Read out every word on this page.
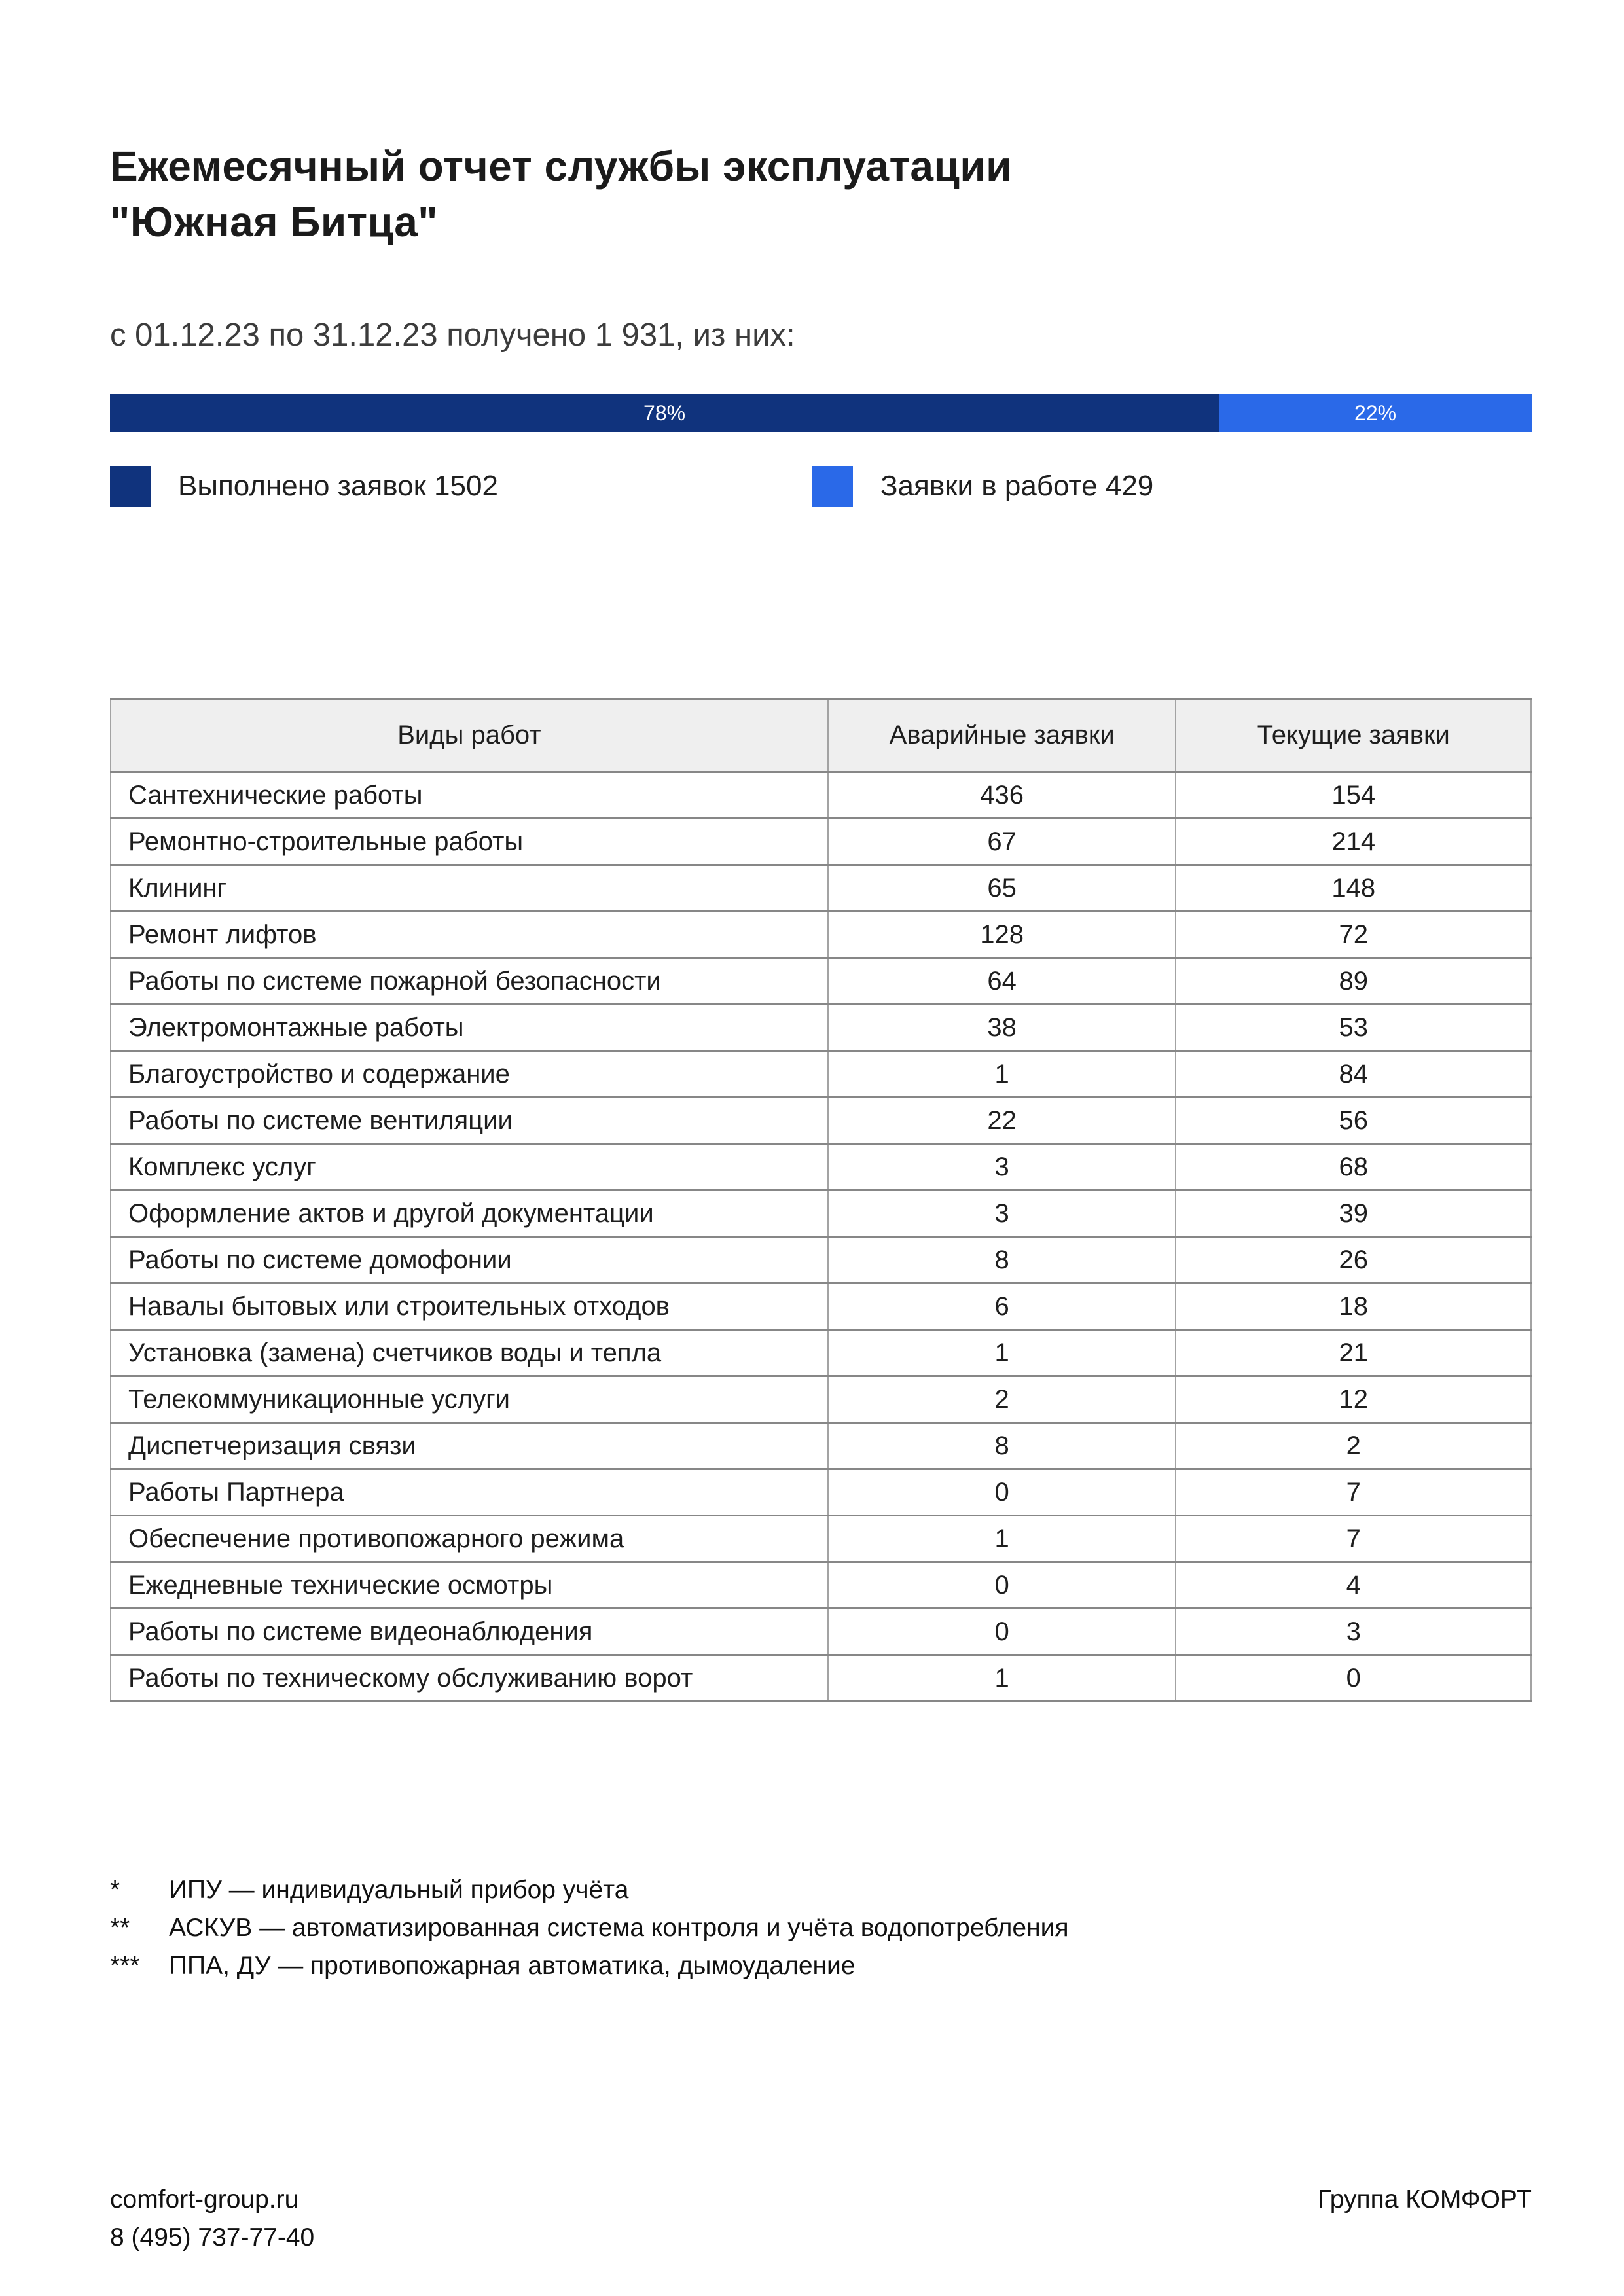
Ежемесячный отчет службы эксплуатации
"Южная Битца"
с 01.12.23 по 31.12.23 получено 1 931, из них:
78%	22%
Выполнено заявок 1502	Заявки в работе 429
Виды работ	Аварийные заявки	Текущие заявки
Сантехнические работы	436	154
Ремонтно-строительные работы	67	214
Клининг	65	148
Ремонт лифтов	128	72
Работы по системе пожарной безопасности	64	89
Электромонтажные работы	38	53
Благоустройство и содержание	1	84
Работы по системе вентиляции	22	56
Комплекс услуг	3	68
Оформление актов и другой документации	3	39
Работы по системе домофонии	8	26
Навалы бытовых или строительных отходов	6	18
Установка (замена) счетчиков воды и тепла	1	21
Телекоммуникационные услуги	2	12
Диспетчеризация связи	8	2
Работы Партнера	0	7
Обеспечение противопожарного режима	1	7
Ежедневные технические осмотры	0	4
Работы по системе видеонаблюдения	0	3
Работы по техническому обслуживанию ворот	1	0
*	ИПУ — индивидуальный прибор учёта
**	АСКУВ — автоматизированная система контроля и учёта водопотребления
***	ППА, ДУ — противопожарная автоматика, дымоудаление
comfort-group.ru
8 (495) 737-77-40
Группа КОМФОРТ
